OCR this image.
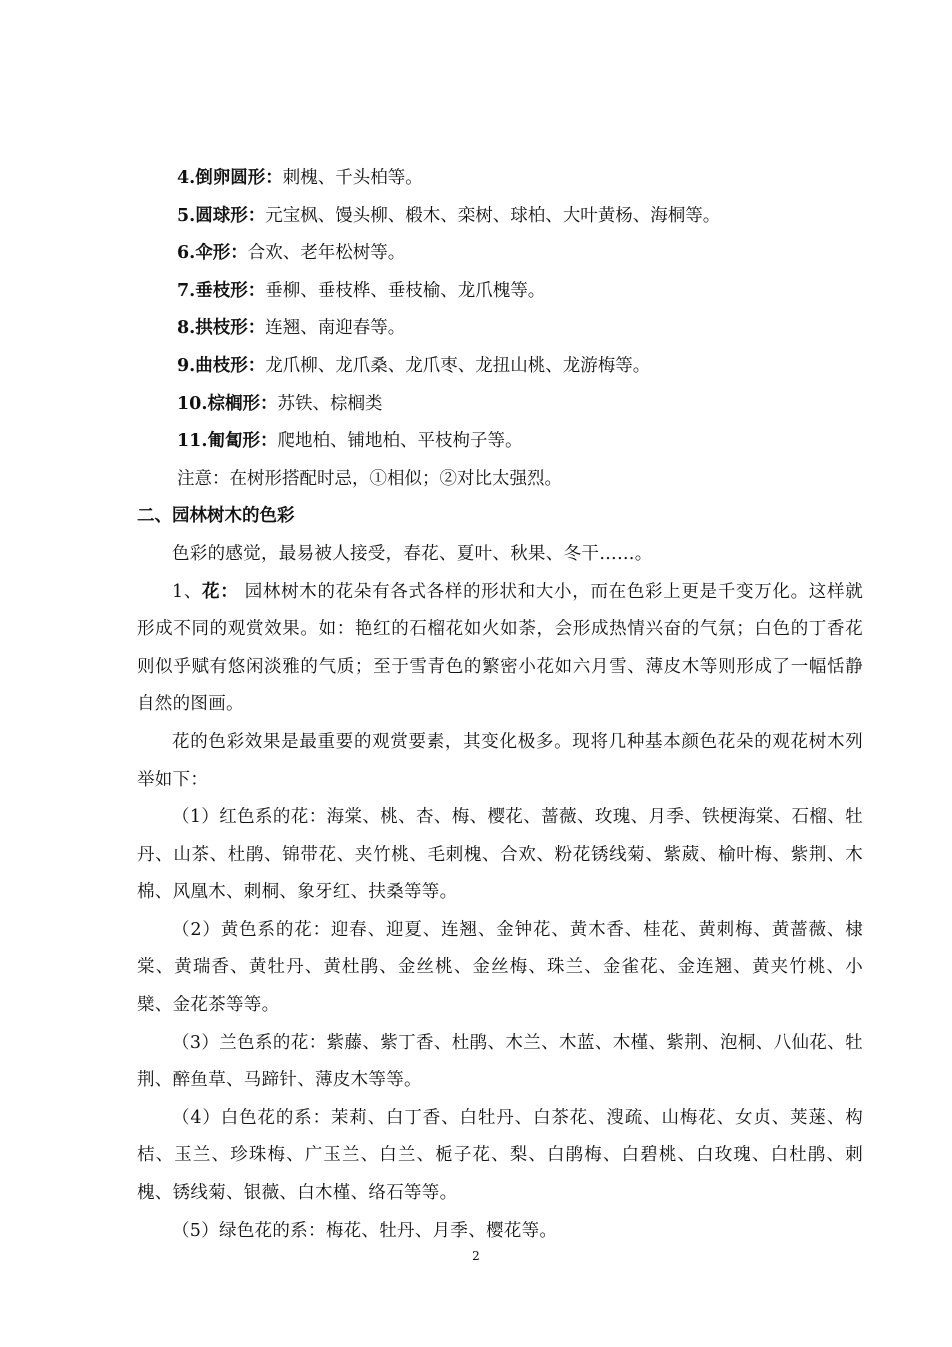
4.倒卵圆形：刺槐、千头柏等。
5.圆球形：元宝枫、馒头柳、椴木、栾树、球柏、大叶黄杨、海桐等。
6.伞形：合欢、老年松树等。
7.垂枝形：垂柳、垂枝桦、垂枝榆、龙爪槐等。
8.拱枝形：连翘、南迎春等。
9.曲枝形：龙爪柳、龙爪桑、龙爪枣、龙扭山桃、龙游梅等。
10.棕榈形：苏铁、棕榈类
11.匍匐形：爬地柏、铺地柏、平枝枸子等。
注意：在树形搭配时忌，①相似；②对比太强烈。
二、园林树木的色彩
色彩的感觉，最易被人接受，春花、夏叶、秋果、冬干……。
1、花： 园林树木的花朵有各式各样的形状和大小，而在色彩上更是千变万化。这样就形成不同的观赏效果。如：艳红的石榴花如火如荼，会形成热情兴奋的气氛；白色的丁香花则似乎赋有悠闲淡雅的气质；至于雪青色的繁密小花如六月雪、薄皮木等则形成了一幅恬静自然的图画。
花的色彩效果是最重要的观赏要素，其变化极多。现将几种基本颜色花朵的观花树木列举如下：
（1）红色系的花：海棠、桃、杏、梅、樱花、蔷薇、玫瑰、月季、铁梗海棠、石榴、牡丹、山茶、杜鹃、锦带花、夹竹桃、毛刺槐、合欢、粉花锈线菊、紫葳、榆叶梅、紫荆、木棉、风凰木、刺桐、象牙红、扶桑等等。
（2）黄色系的花：迎春、迎夏、连翘、金钟花、黄木香、桂花、黄刺梅、黄蔷薇、棣棠、黄瑞香、黄牡丹、黄杜鹃、金丝桃、金丝梅、珠兰、金雀花、金连翘、黄夹竹桃、小檗、金花茶等等。
（3）兰色系的花：紫藤、紫丁香、杜鹃、木兰、木蓝、木槿、紫荆、泡桐、八仙花、牡荆、醉鱼草、马蹄针、薄皮木等等。
（4）白色花的系：茉莉、白丁香、白牡丹、白茶花、溲疏、山梅花、女贞、荚蒾、构桔、玉兰、珍珠梅、广玉兰、白兰、栀子花、梨、白鹃梅、白碧桃、白玫瑰、白杜鹃、刺槐、锈线菊、银薇、白木槿、络石等等。
（5）绿色花的系：梅花、牡丹、月季、樱花等。
2
